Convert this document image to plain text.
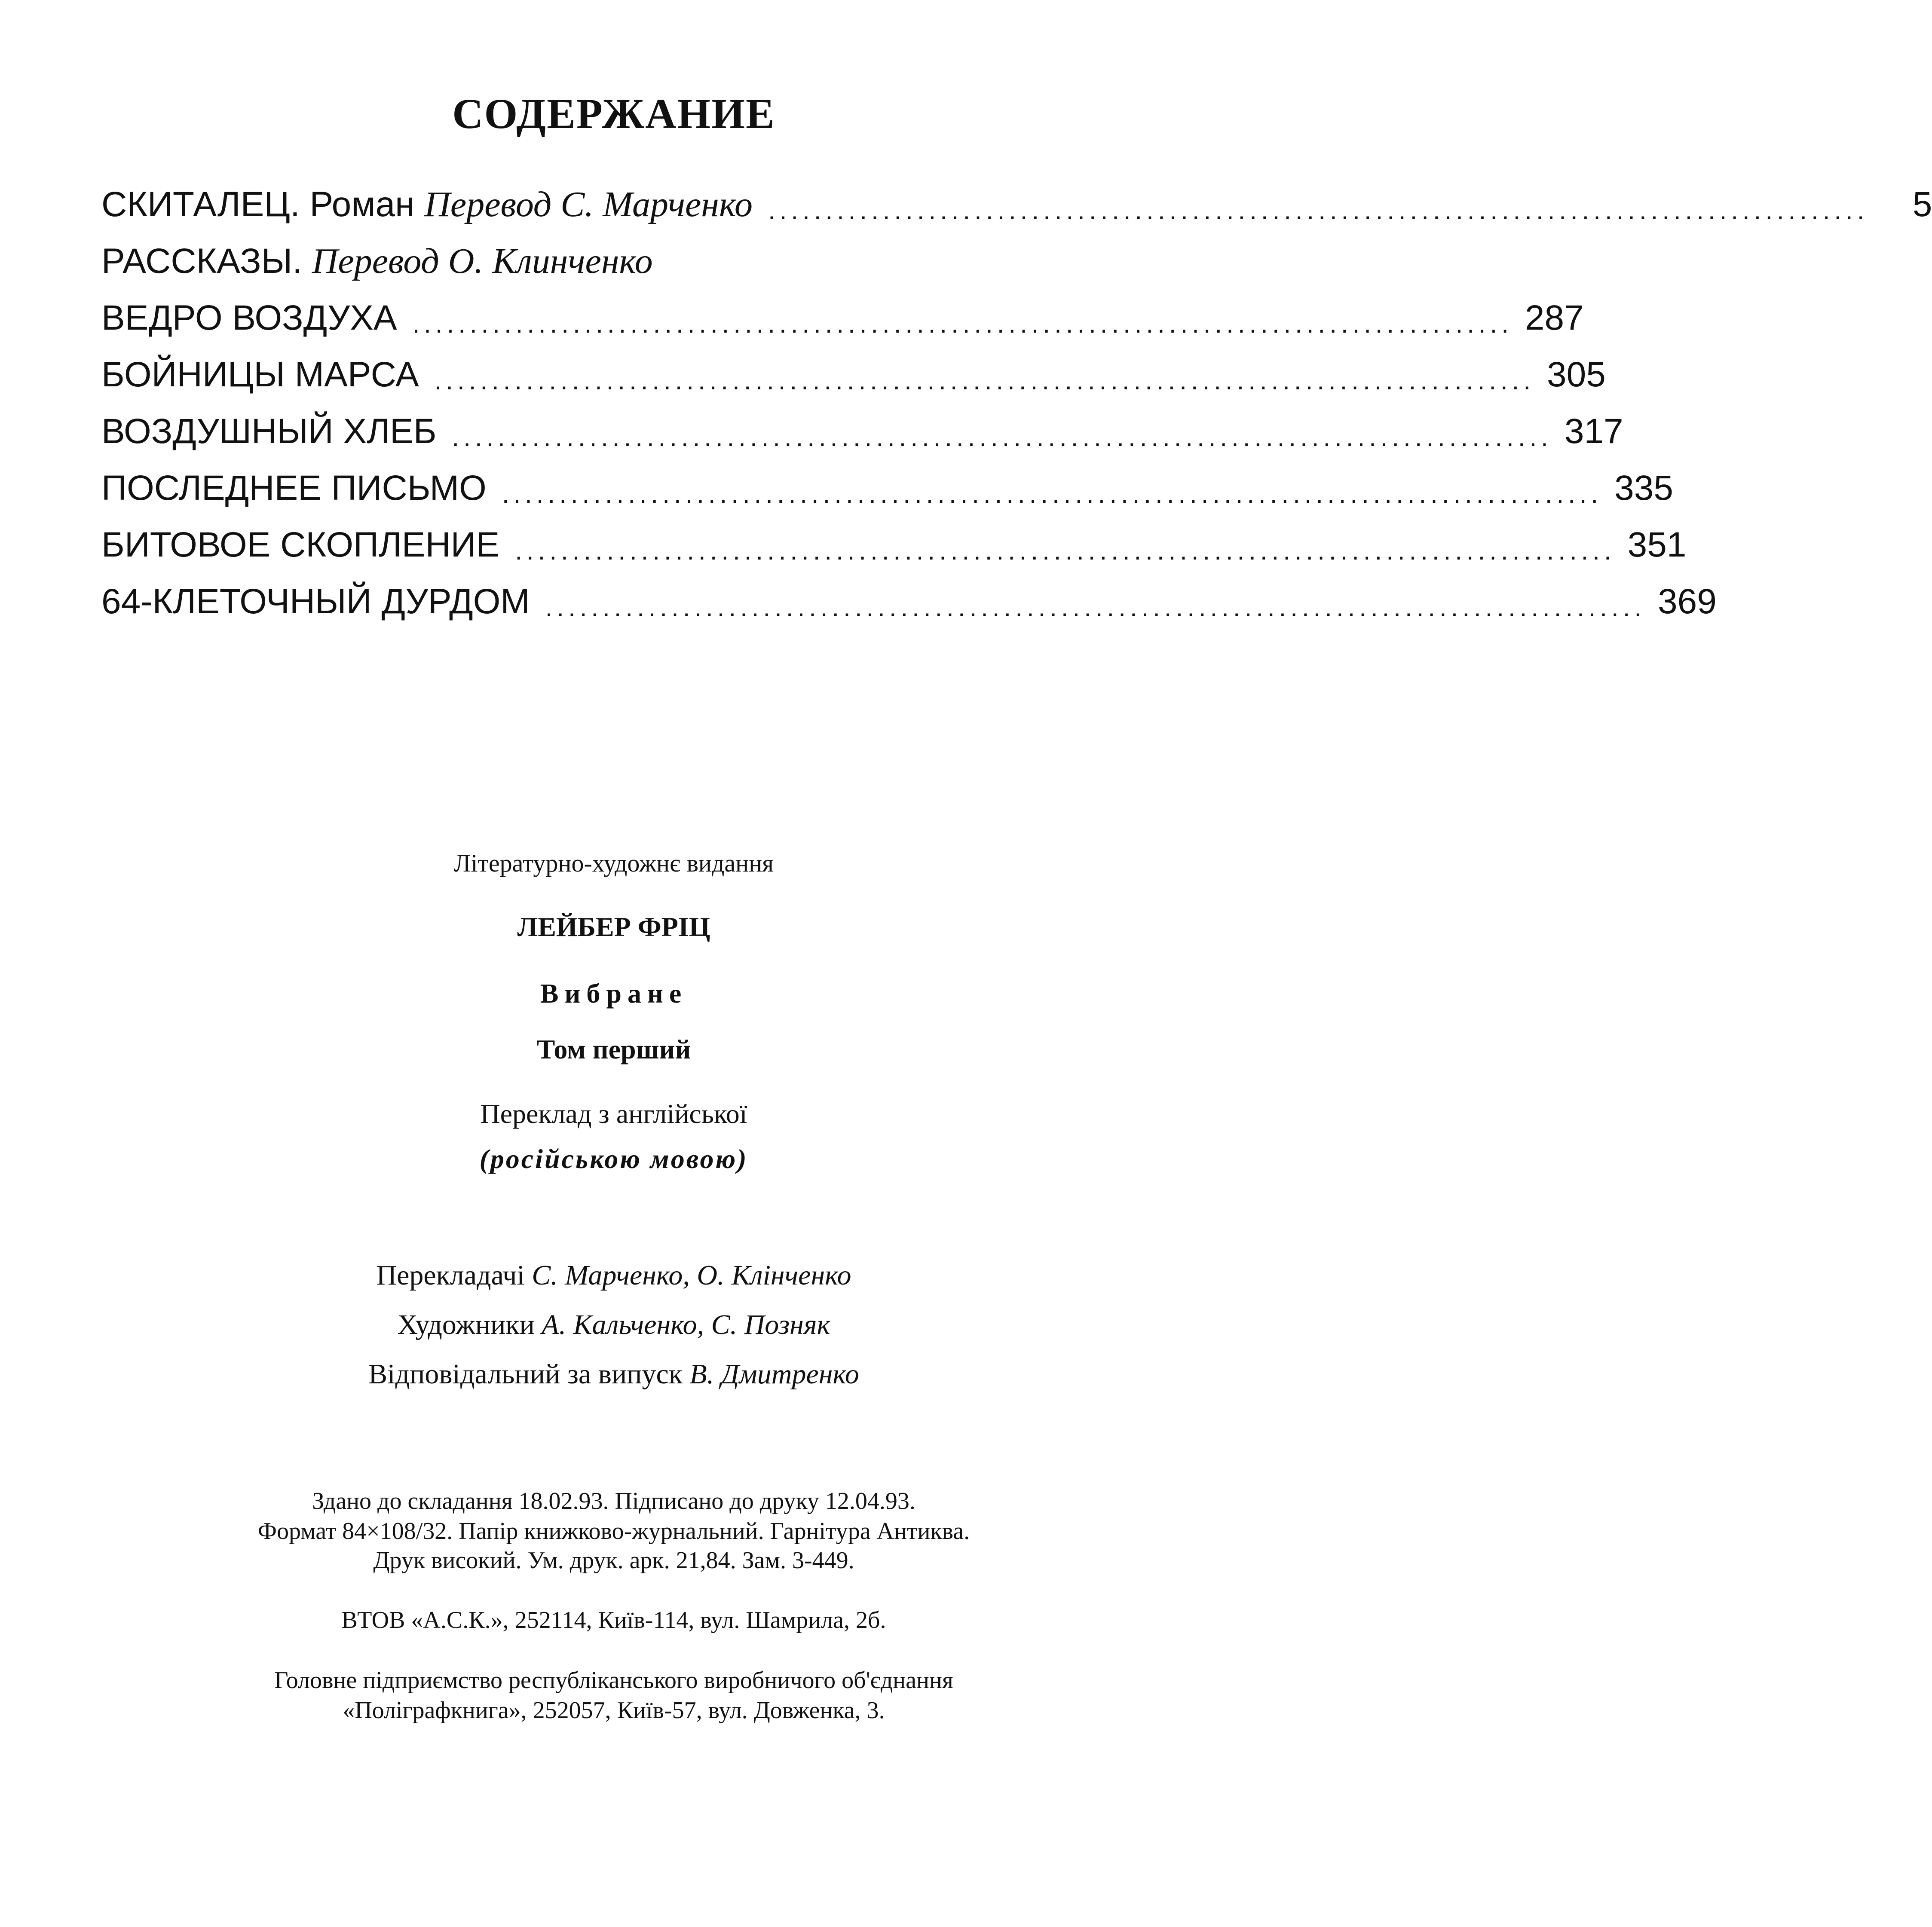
СОДЕРЖАНИЕ
СКИТАЛЕЦ. Роман Перевод С. Марченко ................................................................................................	5
РАССКАЗЫ. Перевод О. Клинченко
ВЕДРО ВОЗДУХА ................................................................................................ 287
БОЙНИЦЫ МАРСА ................................................................................................ 305
ВОЗДУШНЫЙ ХЛЕБ ................................................................................................ 317
ПОСЛЕДНЕЕ ПИСЬМО ................................................................................................ 335
БИТОВОЕ СКОПЛЕНИЕ ................................................................................................ 351
64-КЛЕТОЧНЫЙ ДУРДОМ ................................................................................................ 369
Літературно-художнє видання
ЛЕЙБЕР ФРІЦ
Вибране
Том перший
Переклад з англійської
(російською мовою)
Перекладачі С. Марченко, О. Клінченко
Художники А. Кальченко, С. Позняк
Відповідальний за випуск В. Дмитренко
Здано до складання 18.02.93. Підписано до друку 12.04.93.
Формат 84×108/32. Папір книжково-журнальний. Гарнітура Антиква.
Друк високий. Ум. друк. арк. 21,84. Зам. 3-449.
ВТОВ «А.С.К.», 252114, Київ-114, вул. Шамрила, 2б.
Головне підприємство республіканського виробничого об'єднання
«Поліграфкнига», 252057, Київ-57, вул. Довженка, 3.
